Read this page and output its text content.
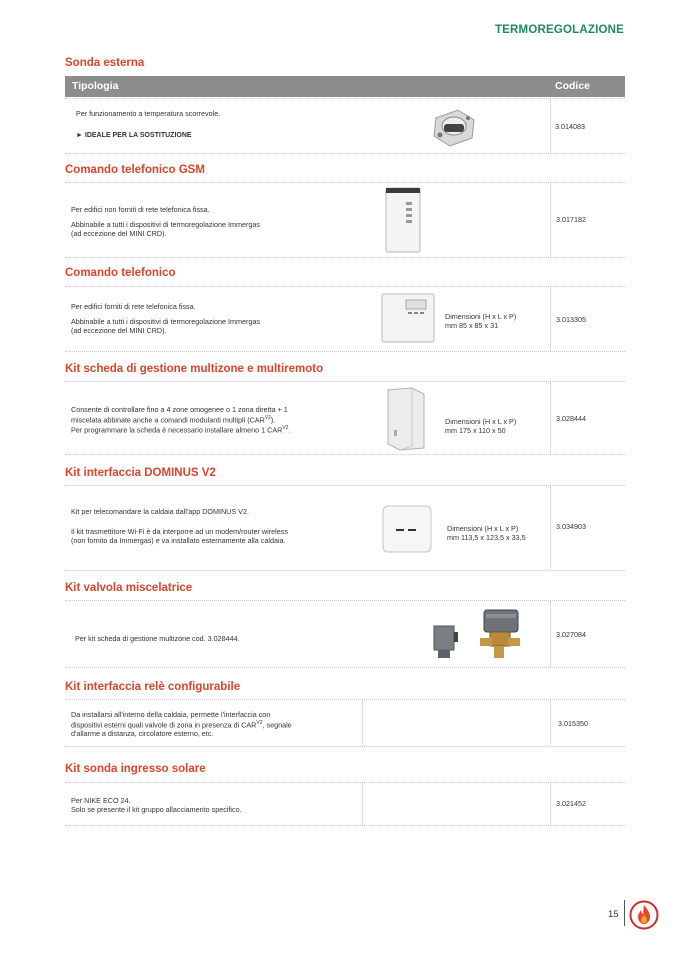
TERMOREGOLAZIONE
Sonda esterna
Tipologia	Codice

Per funzionamento a temperatura scorrevole.

► IDEALE PER LA SOSTITUZIONE

3.014083
Comando telefonico GSM

Per edifici non forniti di rete telefonica fissa.

Abbinabile a tutti i dispositivi di termoregolazione Immergas

(ad eccezione del MINI CRD).

3.017182
Comando telefonico

Per edifici forniti di rete telefonica fissa.

Abbinabile a tutti i dispositivi di termoregolazione Immergas

(ad eccezione del MINI CRD).

Dimensioni (H x L x P)

mm 85 x 85 x 31

3.013305
Kit scheda di gestione multizone e multiremoto

Consente di controllare fino a 4 zone omogenee o 1 zona diretta + 1

miscelata abbinate anche a comandi modulanti multipli $(CAR^{V2})$.

Per programmare la scheda è necessario installare almeno 1 $CAR^{V2}$.

Dimensioni (H x L x P)

mm 175 x 110 x 50

3.028444
Kit interfaccia DOMINUS V2

Kit per telecomandare la caldaia dall'app DOMINUS V2.

Il kit trasmettitore Wi-Fi è da interporre ad un modem/router wireless

(non fornito da Immergas) e va installato esternamente alla caldaia.

Dimensioni (H x L x P)

mm 113,5 x 123,5 x 33,5

3.034903
Kit valvola miscelatrice

Per kit scheda di gestione multizone cod. 3.028444.	3.027084
Kit interfaccia relè configurabile

Da installarsi all'interno della caldaia, permette l'interfaccia con

dispositivi esterni quali valvole di zona in presenza di $CAR^{V2}$, segnale

d'allarme a distanza, circolatore esterno, etc.

3.015350
Kit sonda ingresso solare

Per NIKE ECO 24.

Solo se presente il kit gruppo allacciamento specifico.

3.021452
15
